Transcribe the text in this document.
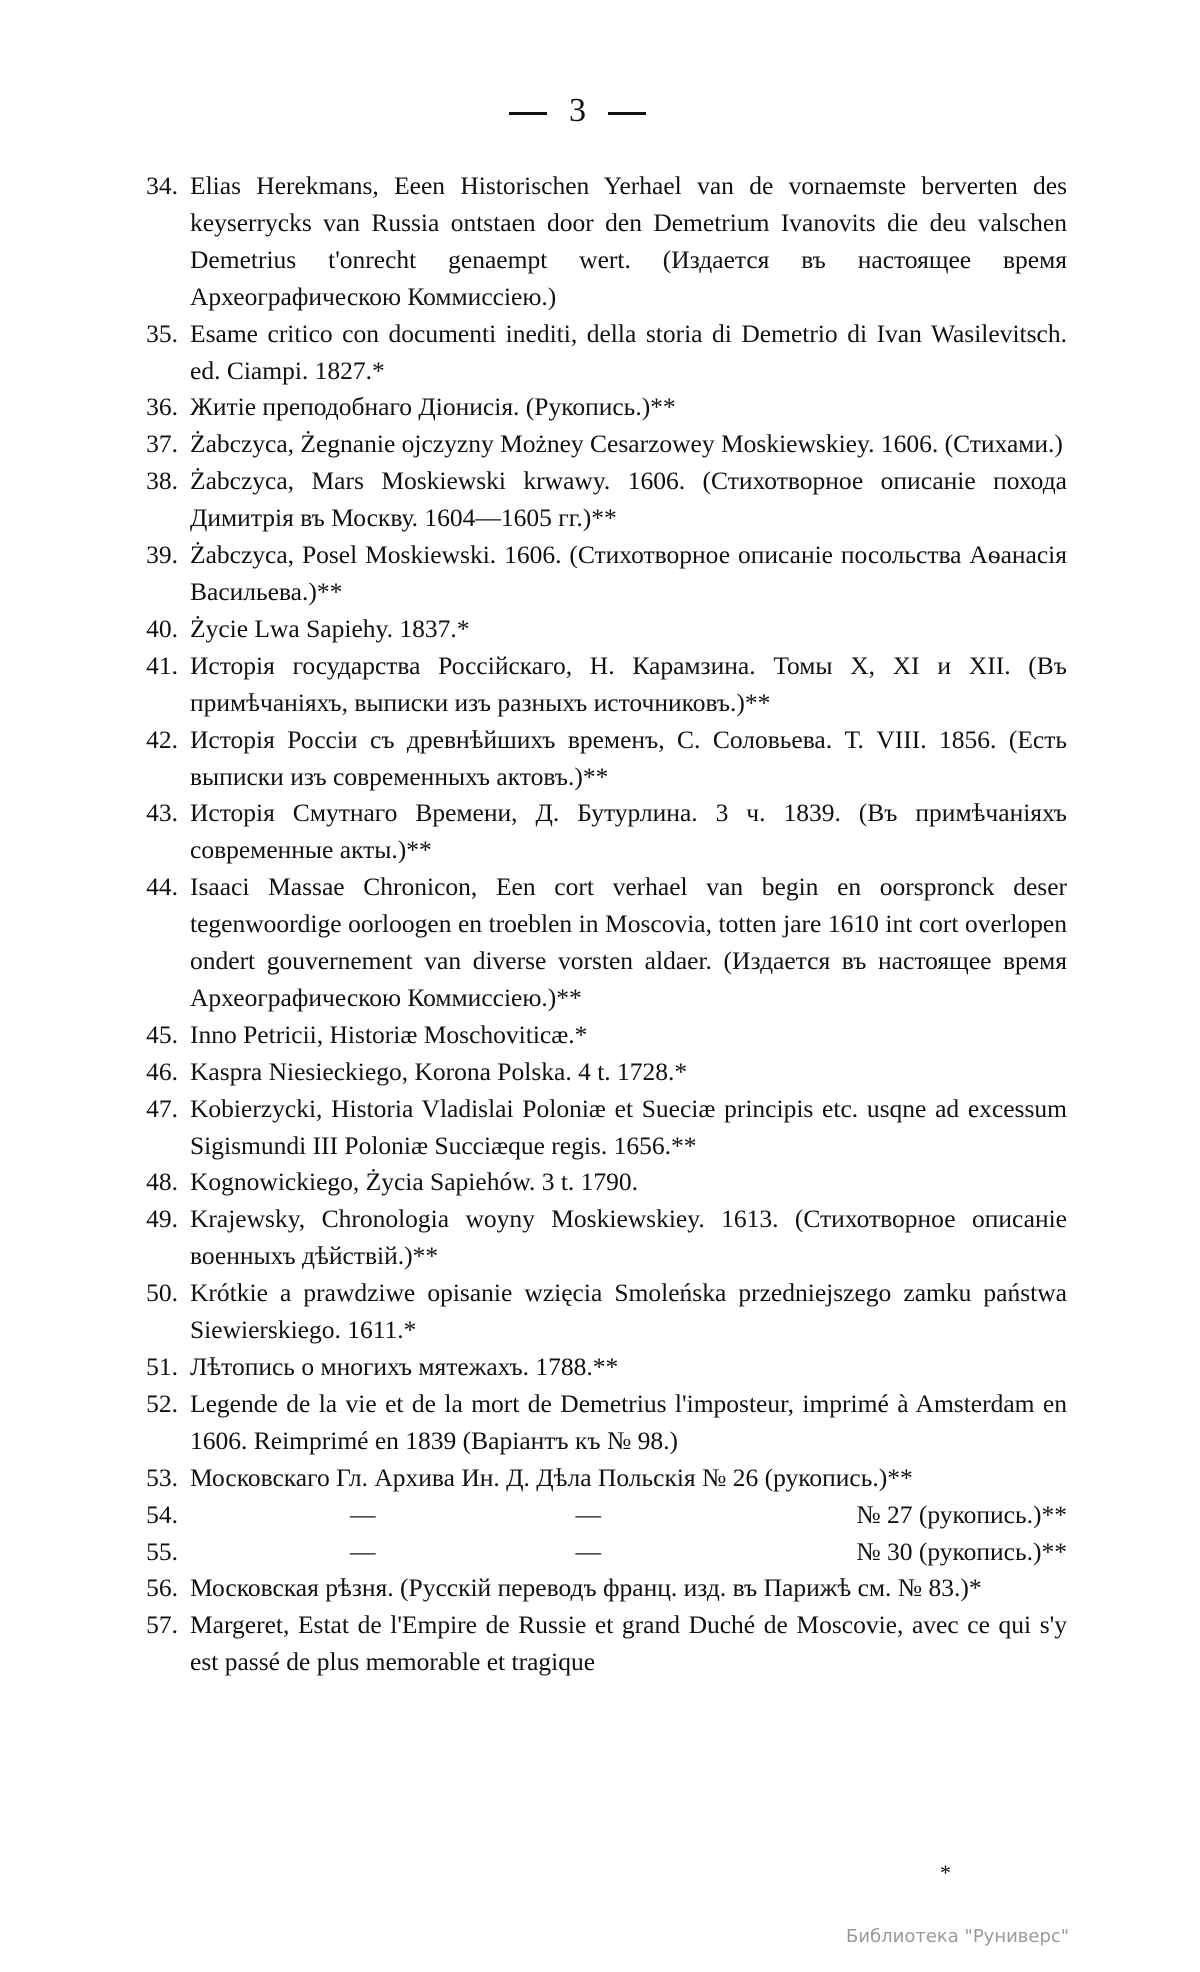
3
34. Elias Herekmans, Eeen Historischen Yerhael van de vornaemste berverten des keyserrycks van Russia ontstaen door den Demetrium Ivanovits die deu valschen Demetrius t'onrecht genaempt wert. (Издается въ настоящее время Археографическою Коммиссiею.)
35. Esame critico con documenti inediti, della storia di Demetrio di Ivan Wasilevitsch. ed. Ciampi. 1827.*
36. Житiе преподобнаго Дiонисiя. (Рукопись.)**
37. Żabczyca, Żegnanie ojczyzny Możney Cesarzowey Moskiewskiey. 1606. (Стихами.)
38. Żabczyca, Mars Moskiewski krwawy. 1606. (Стихотворное описанiе похода Димитрiя въ Москву. 1604—1605 гг.)**
39. Żabczyca, Posel Moskiewski. 1606. (Стихотворное описанiе посольства Аѳанасiя Васильева.)**
40. Życie Lwa Sapiehy. 1837.*
41. Исторiя государства Россiйскаго, Н. Карамзина. Томы X, XI и XII. (Въ примѣчанiяхъ, выписки изъ разныхъ источниковъ.)**
42. Исторiя Россiи съ древнѣйшихъ временъ, С. Соловьева. Т. VIII. 1856. (Есть выписки изъ современныхъ актовъ.)**
43. Исторiя Смутнаго Времени, Д. Бутурлина. 3 ч. 1839. (Въ примѣчанiяхъ современные акты.)**
44. Isaaci Massae Chronicon, Een cort verhael van begin en oorspronck deser tegenwoordige oorloogen en troeblen in Moscovia, totten jare 1610 int cort overlopen ondert gouvernement van diverse vorsten aldaer. (Издается въ настоящее время Археографическою Коммиссiею.)**
45. Inno Petricii, Historiæ Moschoviticæ.*
46. Kaspra Niesieckiego, Korona Polska. 4 t. 1728.*
47. Kobierzycki, Historia Vladislai Poloniæ et Sueciæ principis etc. usqne ad excessum Sigismundi III Poloniæ Succiæque regis. 1656.**
48. Kognowickiego, Życia Sapiehów. 3 t. 1790.
49. Krajewsky, Chronologia woyny Moskiewskiey. 1613. (Стихотворное описанiе военныхъ дѣйствiй.)**
50. Krótkie a prawdziwe opisanie wzięcia Smoleńska przedniejszego zamku państwa Siewierskiego. 1611.*
51. Лѣтопись о многихъ мятежахъ. 1788.**
52. Legende de la vie et de la mort de Demetrius l'imposteur, imprimé à Amsterdam en 1606. Reimprimé en 1839 (Варiантъ къ № 98.)
53. Московскаго Гл. Архива Ин. Д. Дѣла Польскiя № 26 (рукопись.)**
54.	—	—	№ 27 (рукопись.)**
55.	—	—	№ 30 (рукопись.)**
56. Московская рѣзня. (Русскiй переводъ франц. изд. въ Парижѣ см. № 83.)*
57. Margeret, Estat de l'Empire de Russie et grand Duché de Moscovie, avec ce qui s'y est passé de plus memorable et tragique
*
Библиотека "Руниверс"
